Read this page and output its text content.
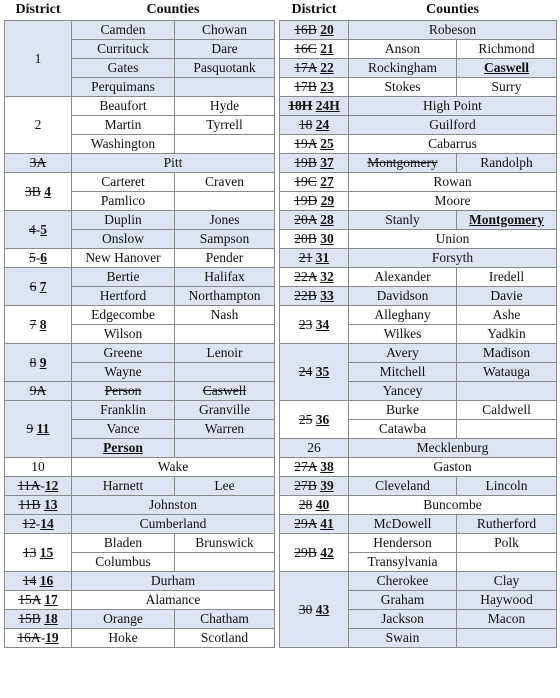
District	Counties	
1	Camden	Chowan
	Currituck	Dare
	Gates	Pasquotank
	Perquimans	
2	Beaufort	Hyde
	Martin	Tyrrell
	Washington	
3A	Pitt	
3B 4	Carteret	Craven
	Pamlico	
4-5	Duplin	Jones
	Onslow	Sampson
5-6	New Hanover	Pender
6 7	Bertie	Halifax
	Hertford	Northampton
7 8	Edgecombe	Nash
	Wilson	
8 9	Greene	Lenoir
	Wayne	
9A	Person	Caswell
9 11	Franklin	Granville
	Vance	Warren
	Person	
10	Wake	
11A-12	Harnett	Lee
11B 13	Johnston	
12-14	Cumberland	
13 15	Bladen	Brunswick
	Columbus	
14 16	Durham	
15A 17	Alamance	
15B 18	Orange	Chatham
16A-19	Hoke	Scotland
District	Counties	
16B 20	Robeson	
16C 21	Anson	Richmond
17A 22	Rockingham	Caswell
17B 23	Stokes	Surry
18H 24H	High Point	
18 24	Guilford	
19A 25	Cabarrus	
19B 37	Montgomery	Randolph
19C 27	Rowan	
19D 29	Moore	
20A 28	Stanly	Montgomery
20B 30	Union	
21 31	Forsyth	
22A 32	Alexander	Iredell
22B 33	Davidson	Davie
23 34	Alleghany	Ashe
	Wilkes	Yadkin
24 35	Avery	Madison
	Mitchell	Watauga
	Yancey	
25 36	Burke	Caldwell
	Catawba	
26	Mecklenburg	
27A 38	Gaston	
27B 39	Cleveland	Lincoln
28 40	Buncombe	
29A 41	McDowell	Rutherford
29B 42	Henderson	Polk
	Transylvania	
30 43	Cherokee	Clay
	Graham	Haywood
	Jackson	Macon
	Swain	
